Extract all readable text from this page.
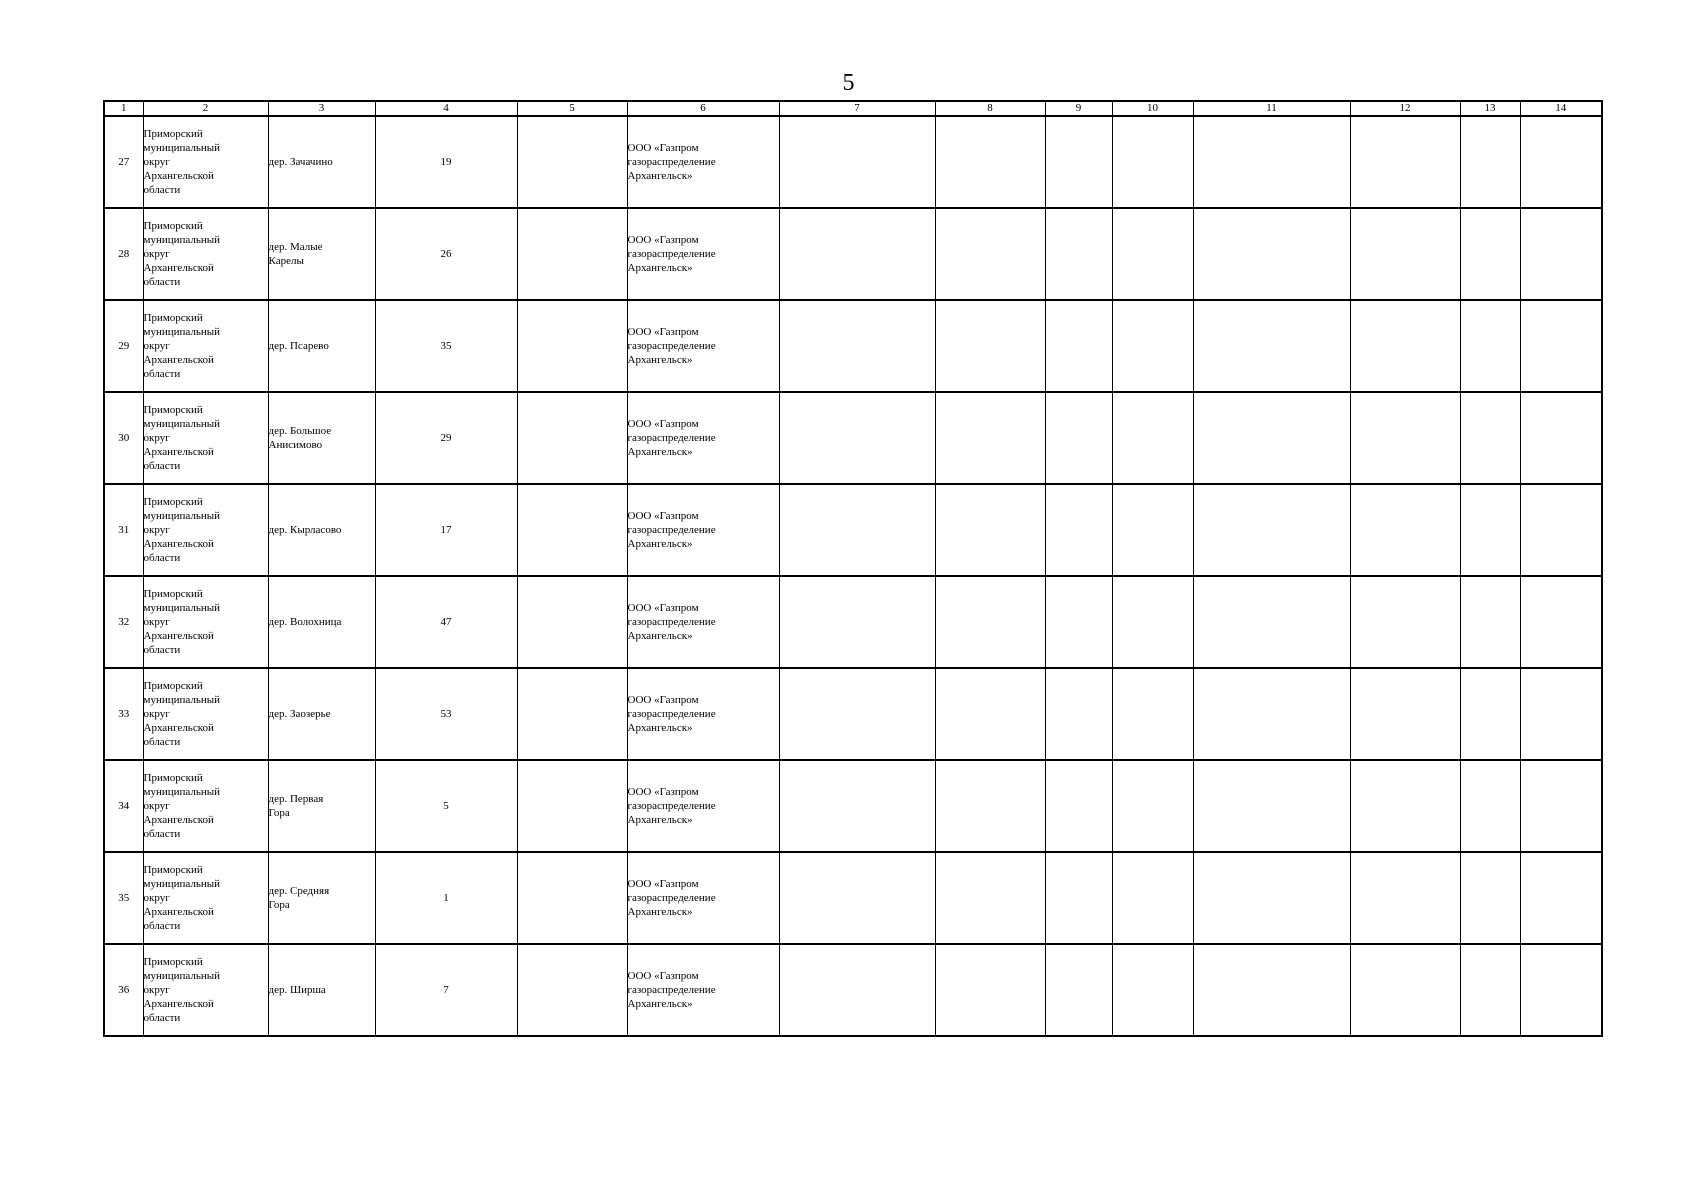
5
1	2	3	4	5	6	7	8	9	10	11	12	13	14

27	Приморский
муниципальный
округ
Архангельской
области	дер. Зачачино	19		ООО «Газпром
газораспределение
Архангельск»								

28	Приморский
муниципальный
округ
Архангельской
области	дер. Малые
Карелы	26		ООО «Газпром
газораспределение
Архангельск»								

29	Приморский
муниципальный
округ
Архангельской
области	дер. Псарево	35		ООО «Газпром
газораспределение
Архангельск»								

30	Приморский
муниципальный
округ
Архангельской
области	дер. Большое
Анисимово	29		ООО «Газпром
газораспределение
Архангельск»								

31	Приморский
муниципальный
округ
Архангельской
области	дер. Кырласово	17		ООО «Газпром
газораспределение
Архангельск»								

32	Приморский
муниципальный
округ
Архангельской
области	дер. Волохница	47		ООО «Газпром
газораспределение
Архангельск»								

33	Приморский
муниципальный
округ
Архангельской
области	дер. Заозерье	53		ООО «Газпром
газораспределение
Архангельск»								

34	Приморский
муниципальный
округ
Архангельской
области	дер. Первая
Гора	5		ООО «Газпром
газораспределение
Архангельск»								

35	Приморский
муниципальный
округ
Архангельской
области	дер. Средняя
Гора	1		ООО «Газпром
газораспределение
Архангельск»								

36	Приморский
муниципальный
округ
Архангельской
области	дер. Ширша	7		ООО «Газпром
газораспределение
Архангельск»								
